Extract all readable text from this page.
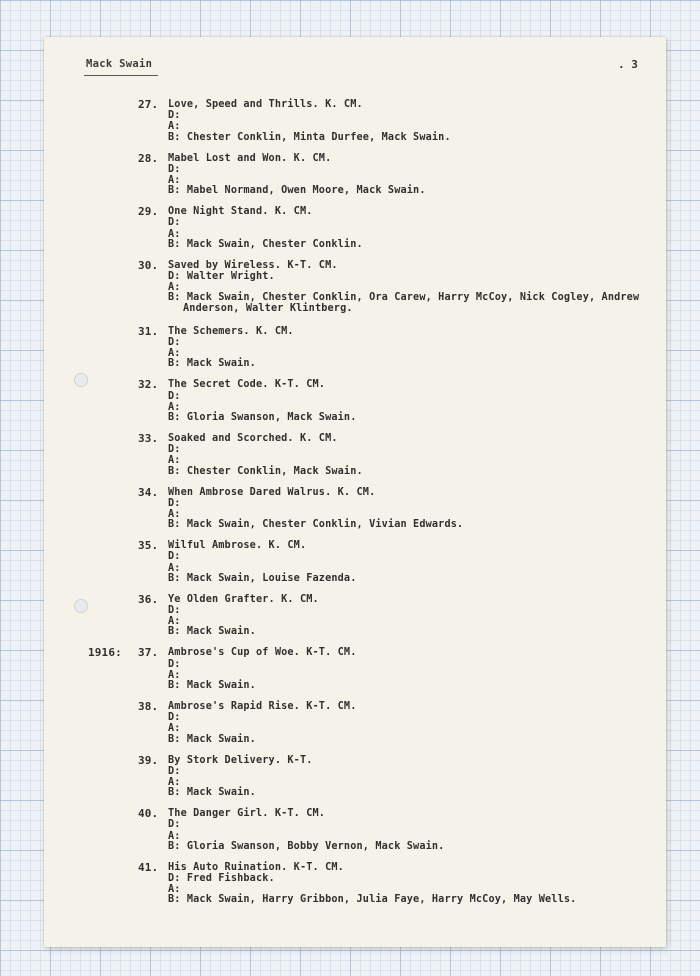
Mack Swain	. 3
27. Love, Speed and Thrills. K. CM.
D:
A:
B: Chester Conklin, Minta Durfee, Mack Swain.
28. Mabel Lost and Won. K. CM.
D:
A:
B: Mabel Normand, Owen Moore, Mack Swain.
29. One Night Stand. K. CM.
D:
A:
B: Mack Swain, Chester Conklin.
30. Saved by Wireless. K-T. CM.
D: Walter Wright.
A:
B: Mack Swain, Chester Conklin, Ora Carew, Harry McCoy, Nick Cogley, Andrew Anderson, Walter Klintberg.
31. The Schemers. K. CM.
D:
A:
B: Mack Swain.
32. The Secret Code. K-T. CM.
D:
A:
B: Gloria Swanson, Mack Swain.
33. Soaked and Scorched. K. CM.
D:
A:
B: Chester Conklin, Mack Swain.
34. When Ambrose Dared Walrus. K. CM.
D:
A:
B: Mack Swain, Chester Conklin, Vivian Edwards.
35. Wilful Ambrose. K. CM.
D:
A:
B: Mack Swain, Louise Fazenda.
36. Ye Olden Grafter. K. CM.
D:
A:
B: Mack Swain.
1916: 37. Ambrose's Cup of Woe. K-T. CM.
D:
A:
B: Mack Swain.
38. Ambrose's Rapid Rise. K-T. CM.
D:
A:
B: Mack Swain.
39. By Stork Delivery. K-T.
D:
A:
B: Mack Swain.
40. The Danger Girl. K-T. CM.
D:
A:
B: Gloria Swanson, Bobby Vernon, Mack Swain.
41. His Auto Ruination. K-T. CM.
D: Fred Fishback.
A:
B: Mack Swain, Harry Gribbon, Julia Faye, Harry McCoy, May Wells.
